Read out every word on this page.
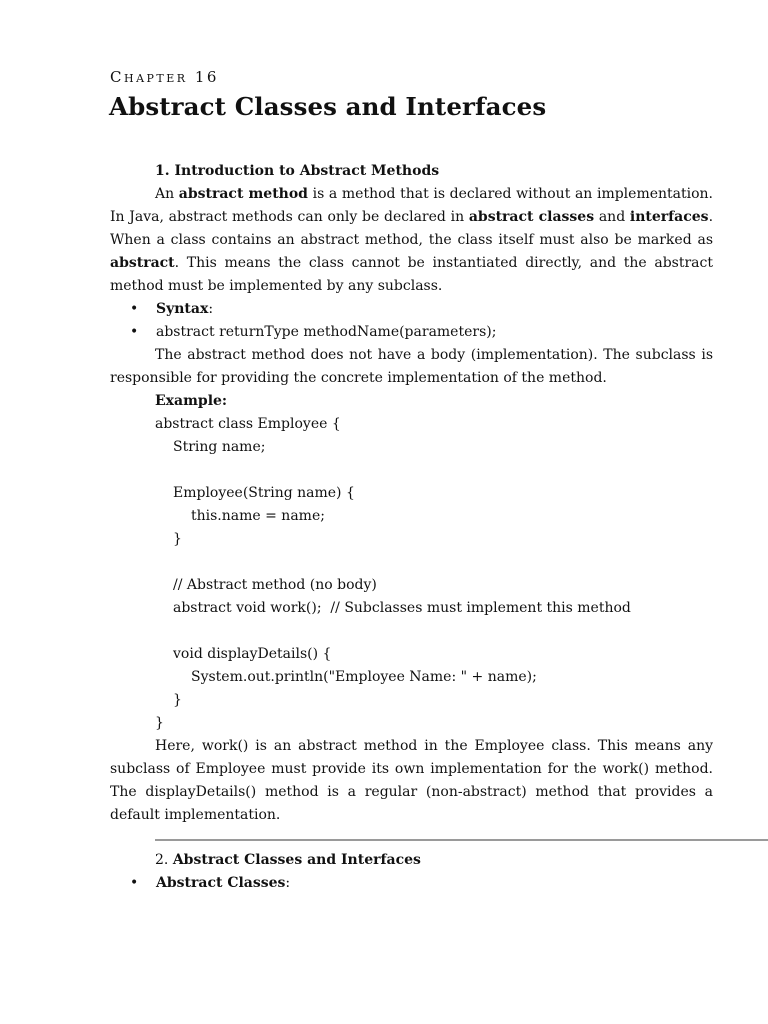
Chapter 16
Abstract Classes and Interfaces

1. Introduction to Abstract Methods

An abstract method is a method that is declared without an implementation. In Java, abstract methods can only be declared in abstract classes and interfaces. When a class contains an abstract method, the class itself must also be marked as abstract. This means the class cannot be instantiated directly, and the abstract method must be implemented by any subclass.

• Syntax:

• abstract returnType methodName(parameters);

The abstract method does not have a body (implementation). The subclass is responsible for providing the concrete implementation of the method.

Example:

abstract class Employee {
String name;
Employee(String name) {
this.name = name;
}
// Abstract method (no body)
abstract void work();  // Subclasses must implement this method
void displayDetails() {
System.out.println("Employee Name: " + name);
}
}

Here, work() is an abstract method in the Employee class. This means any subclass of Employee must provide its own implementation for the work() method. The displayDetails() method is a regular (non-abstract) method that provides a default implementation.

2. Abstract Classes and Interfaces

• Abstract Classes:
